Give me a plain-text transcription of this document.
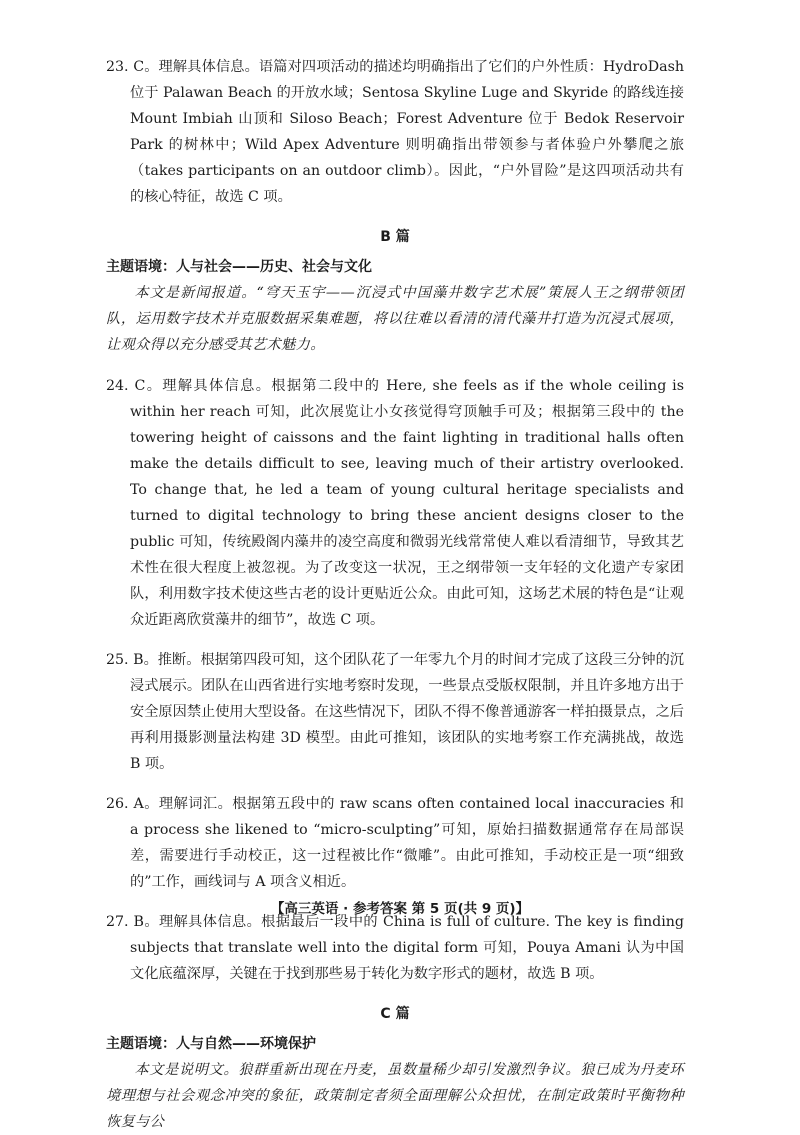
23. C。理解具体信息。语篇对四项活动的描述均明确指出了它们的户外性质：HydroDash 位于 Palawan Beach 的开放水域；Sentosa Skyline Luge and Skyride 的路线连接 Mount Imbiah 山顶和 Siloso Beach；Forest Adventure 位于 Bedok Reservoir Park 的树林中；Wild Apex Adventure 则明确指出带领参与者体验户外攀爬之旅（takes participants on an outdoor climb）。因此，“户外冒险”是这四项活动共有的核心特征，故选 C 项。

B 篇

主题语境：人与社会——历史、社会与文化

本文是新闻报道。“穹天玉宇——沉浸式中国藻井数字艺术展”策展人王之纲带领团队，运用数字技术并克服数据采集难题，将以往难以看清的清代藻井打造为沉浸式展项，让观众得以充分感受其艺术魅力。

24. C。理解具体信息。根据第二段中的 Here, she feels as if the whole ceiling is within her reach 可知，此次展览让小女孩觉得穹顶触手可及；根据第三段中的 the towering height of caissons and the faint lighting in traditional halls often make the details difficult to see, leaving much of their artistry overlooked. To change that, he led a team of young cultural heritage specialists and turned to digital technology to bring these ancient designs closer to the public 可知，传统殿阁内藻井的凌空高度和微弱光线常常使人难以看清细节，导致其艺术性在很大程度上被忽视。为了改变这一状况，王之纲带领一支年轻的文化遗产专家团队，利用数字技术使这些古老的设计更贴近公众。由此可知，这场艺术展的特色是“让观众近距离欣赏藻井的细节”，故选 C 项。

25. B。推断。根据第四段可知，这个团队花了一年零九个月的时间才完成了这段三分钟的沉浸式展示。团队在山西省进行实地考察时发现，一些景点受版权限制，并且许多地方出于安全原因禁止使用大型设备。在这些情况下，团队不得不像普通游客一样拍摄景点，之后再利用摄影测量法构建 3D 模型。由此可推知，该团队的实地考察工作充满挑战，故选 B 项。

26. A。理解词汇。根据第五段中的 raw scans often contained local inaccuracies 和 a process she likened to “micro-sculpting”可知，原始扫描数据通常存在局部误差，需要进行手动校正，这一过程被比作“微雕”。由此可推知，手动校正是一项“细致的”工作，画线词与 A 项含义相近。

27. B。理解具体信息。根据最后一段中的 China is full of culture. The key is finding subjects that translate well into the digital form 可知，Pouya Amani 认为中国文化底蕴深厚，关键在于找到那些易于转化为数字形式的题材，故选 B 项。

C 篇

主题语境：人与自然——环境保护

本文是说明文。狼群重新出现在丹麦，虽数量稀少却引发激烈争议。狼已成为丹麦环境理想与社会观念冲突的象征，政策制定者须全面理解公众担忧，在制定政策时平衡物种恢复与公

【高三英语 · 参考答案 第 5 页(共 9 页)】
